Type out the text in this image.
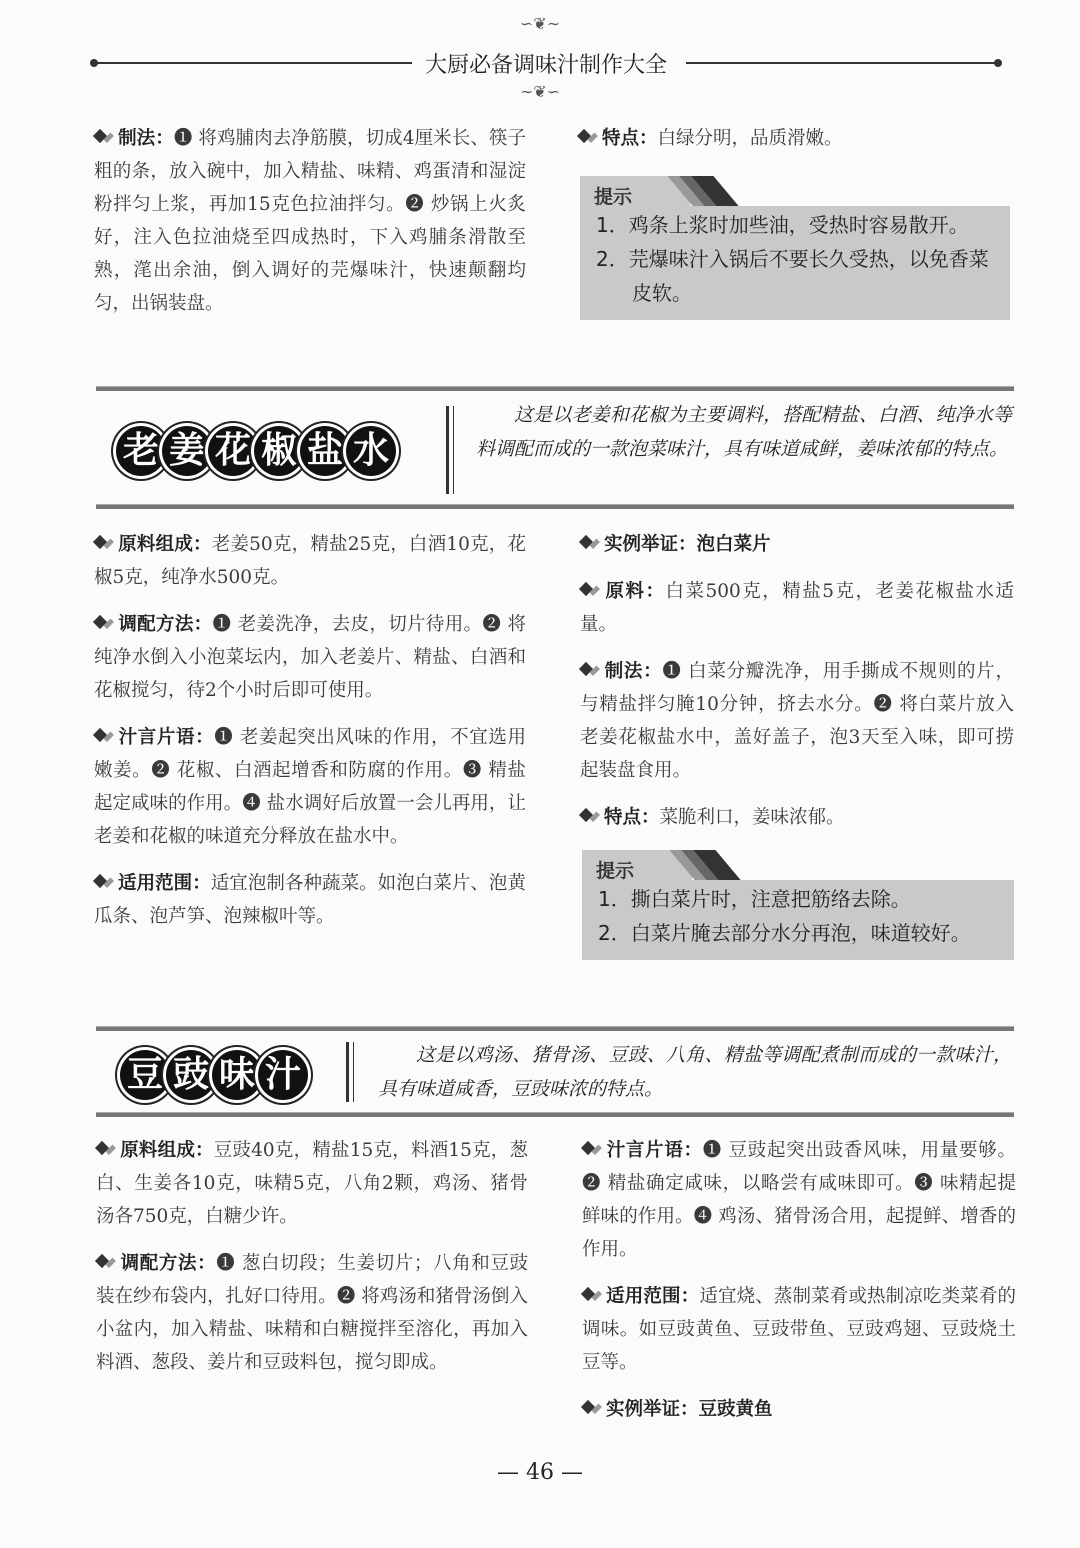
∽❦∼
大厨必备调味汁制作大全
∼❦∽

制法：❶ 将鸡脯肉去净筋膜，切成4厘米长、筷子粗的条，放入碗中，加入精盐、味精、鸡蛋清和湿淀粉拌匀上浆，再加15克色拉油拌匀。❷ 炒锅上火炙好，注入色拉油烧至四成热时，下入鸡脯条滑散至熟，滗出余油，倒入调好的芫爆味汁，快速颠翻均匀，出锅装盘。

特点：白绿分明，品质滑嫩。

提示
1．鸡条上浆时加些油，受热时容易散开。
2．芫爆味汁入锅后不要长久受热，以免香菜皮软。
老 姜 花 椒 盐 水
这是以老姜和花椒为主要调料，搭配精盐、白酒、纯净水等料调配而成的一款泡菜味汁，具有味道咸鲜，姜味浓郁的特点。

原料组成：老姜50克，精盐25克，白酒10克，花椒5克，纯净水500克。

调配方法：❶ 老姜洗净，去皮，切片待用。❷ 将纯净水倒入小泡菜坛内，加入老姜片、精盐、白酒和花椒搅匀，待2个小时后即可使用。

汁言片语：❶ 老姜起突出风味的作用，不宜选用嫩姜。❷ 花椒、白酒起增香和防腐的作用。❸ 精盐起定咸味的作用。❹ 盐水调好后放置一会儿再用，让老姜和花椒的味道充分释放在盐水中。

适用范围：适宜泡制各种蔬菜。如泡白菜片、泡黄瓜条、泡芦笋、泡辣椒叶等。

实例举证：泡白菜片

原料：白菜500克，精盐5克，老姜花椒盐水适量。

制法：❶ 白菜分瓣洗净，用手撕成不规则的片，与精盐拌匀腌10分钟，挤去水分。❷ 将白菜片放入老姜花椒盐水中，盖好盖子，泡3天至入味，即可捞起装盘食用。

特点：菜脆利口，姜味浓郁。

提示
1．撕白菜片时，注意把筋络去除。
2．白菜片腌去部分水分再泡，味道较好。
豆 豉 味 汁	这是以鸡汤、猪骨汤、豆豉、八角、精盐等调配煮制而成的一款味汁，具有味道咸香，豆豉味浓的特点。

原料组成：豆豉40克，精盐15克，料酒15克，葱白、生姜各10克，味精5克，八角2颗，鸡汤、猪骨汤各750克，白糖少许。

调配方法：❶ 葱白切段；生姜切片；八角和豆豉装在纱布袋内，扎好口待用。❷ 将鸡汤和猪骨汤倒入小盆内，加入精盐、味精和白糖搅拌至溶化，再加入料酒、葱段、姜片和豆豉料包，搅匀即成。

汁言片语：❶ 豆豉起突出豉香风味，用量要够。❷ 精盐确定咸味，以略尝有咸味即可。❸ 味精起提鲜味的作用。❹ 鸡汤、猪骨汤合用，起提鲜、增香的作用。

适用范围：适宜烧、蒸制菜肴或热制凉吃类菜肴的调味。如豆豉黄鱼、豆豉带鱼、豆豉鸡翅、豆豉烧土豆等。

实例举证：豆豉黄鱼

— 46 —
